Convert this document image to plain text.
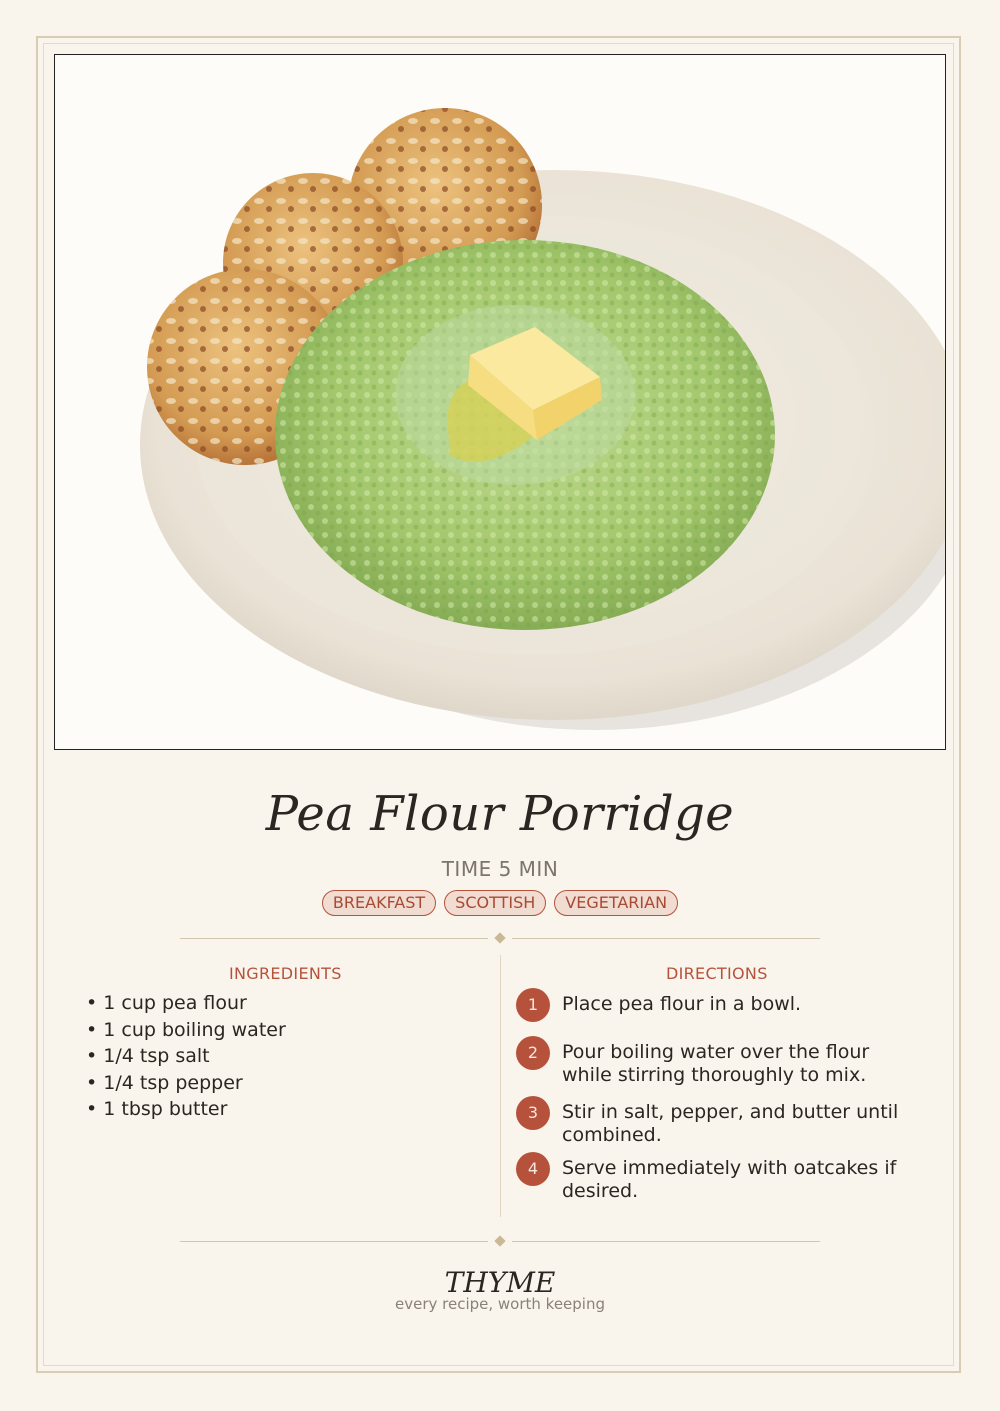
Pea Flour Porridge
TIME 5 MIN
BREAKFAST	SCOTTISH	VEGETARIAN
INGREDIENTS	DIRECTIONS
• 1 cup pea flour
• 1 cup boiling water
• 1/4 tsp salt
• 1/4 tsp pepper
• 1 tbsp butter
1	Place pea flour in a bowl.
2	Pour boiling water over the flour while stirring thoroughly to mix.
3	Stir in salt, pepper, and butter until combined.
4	Serve immediately with oatcakes if desired.
THYME
every recipe, worth keeping
